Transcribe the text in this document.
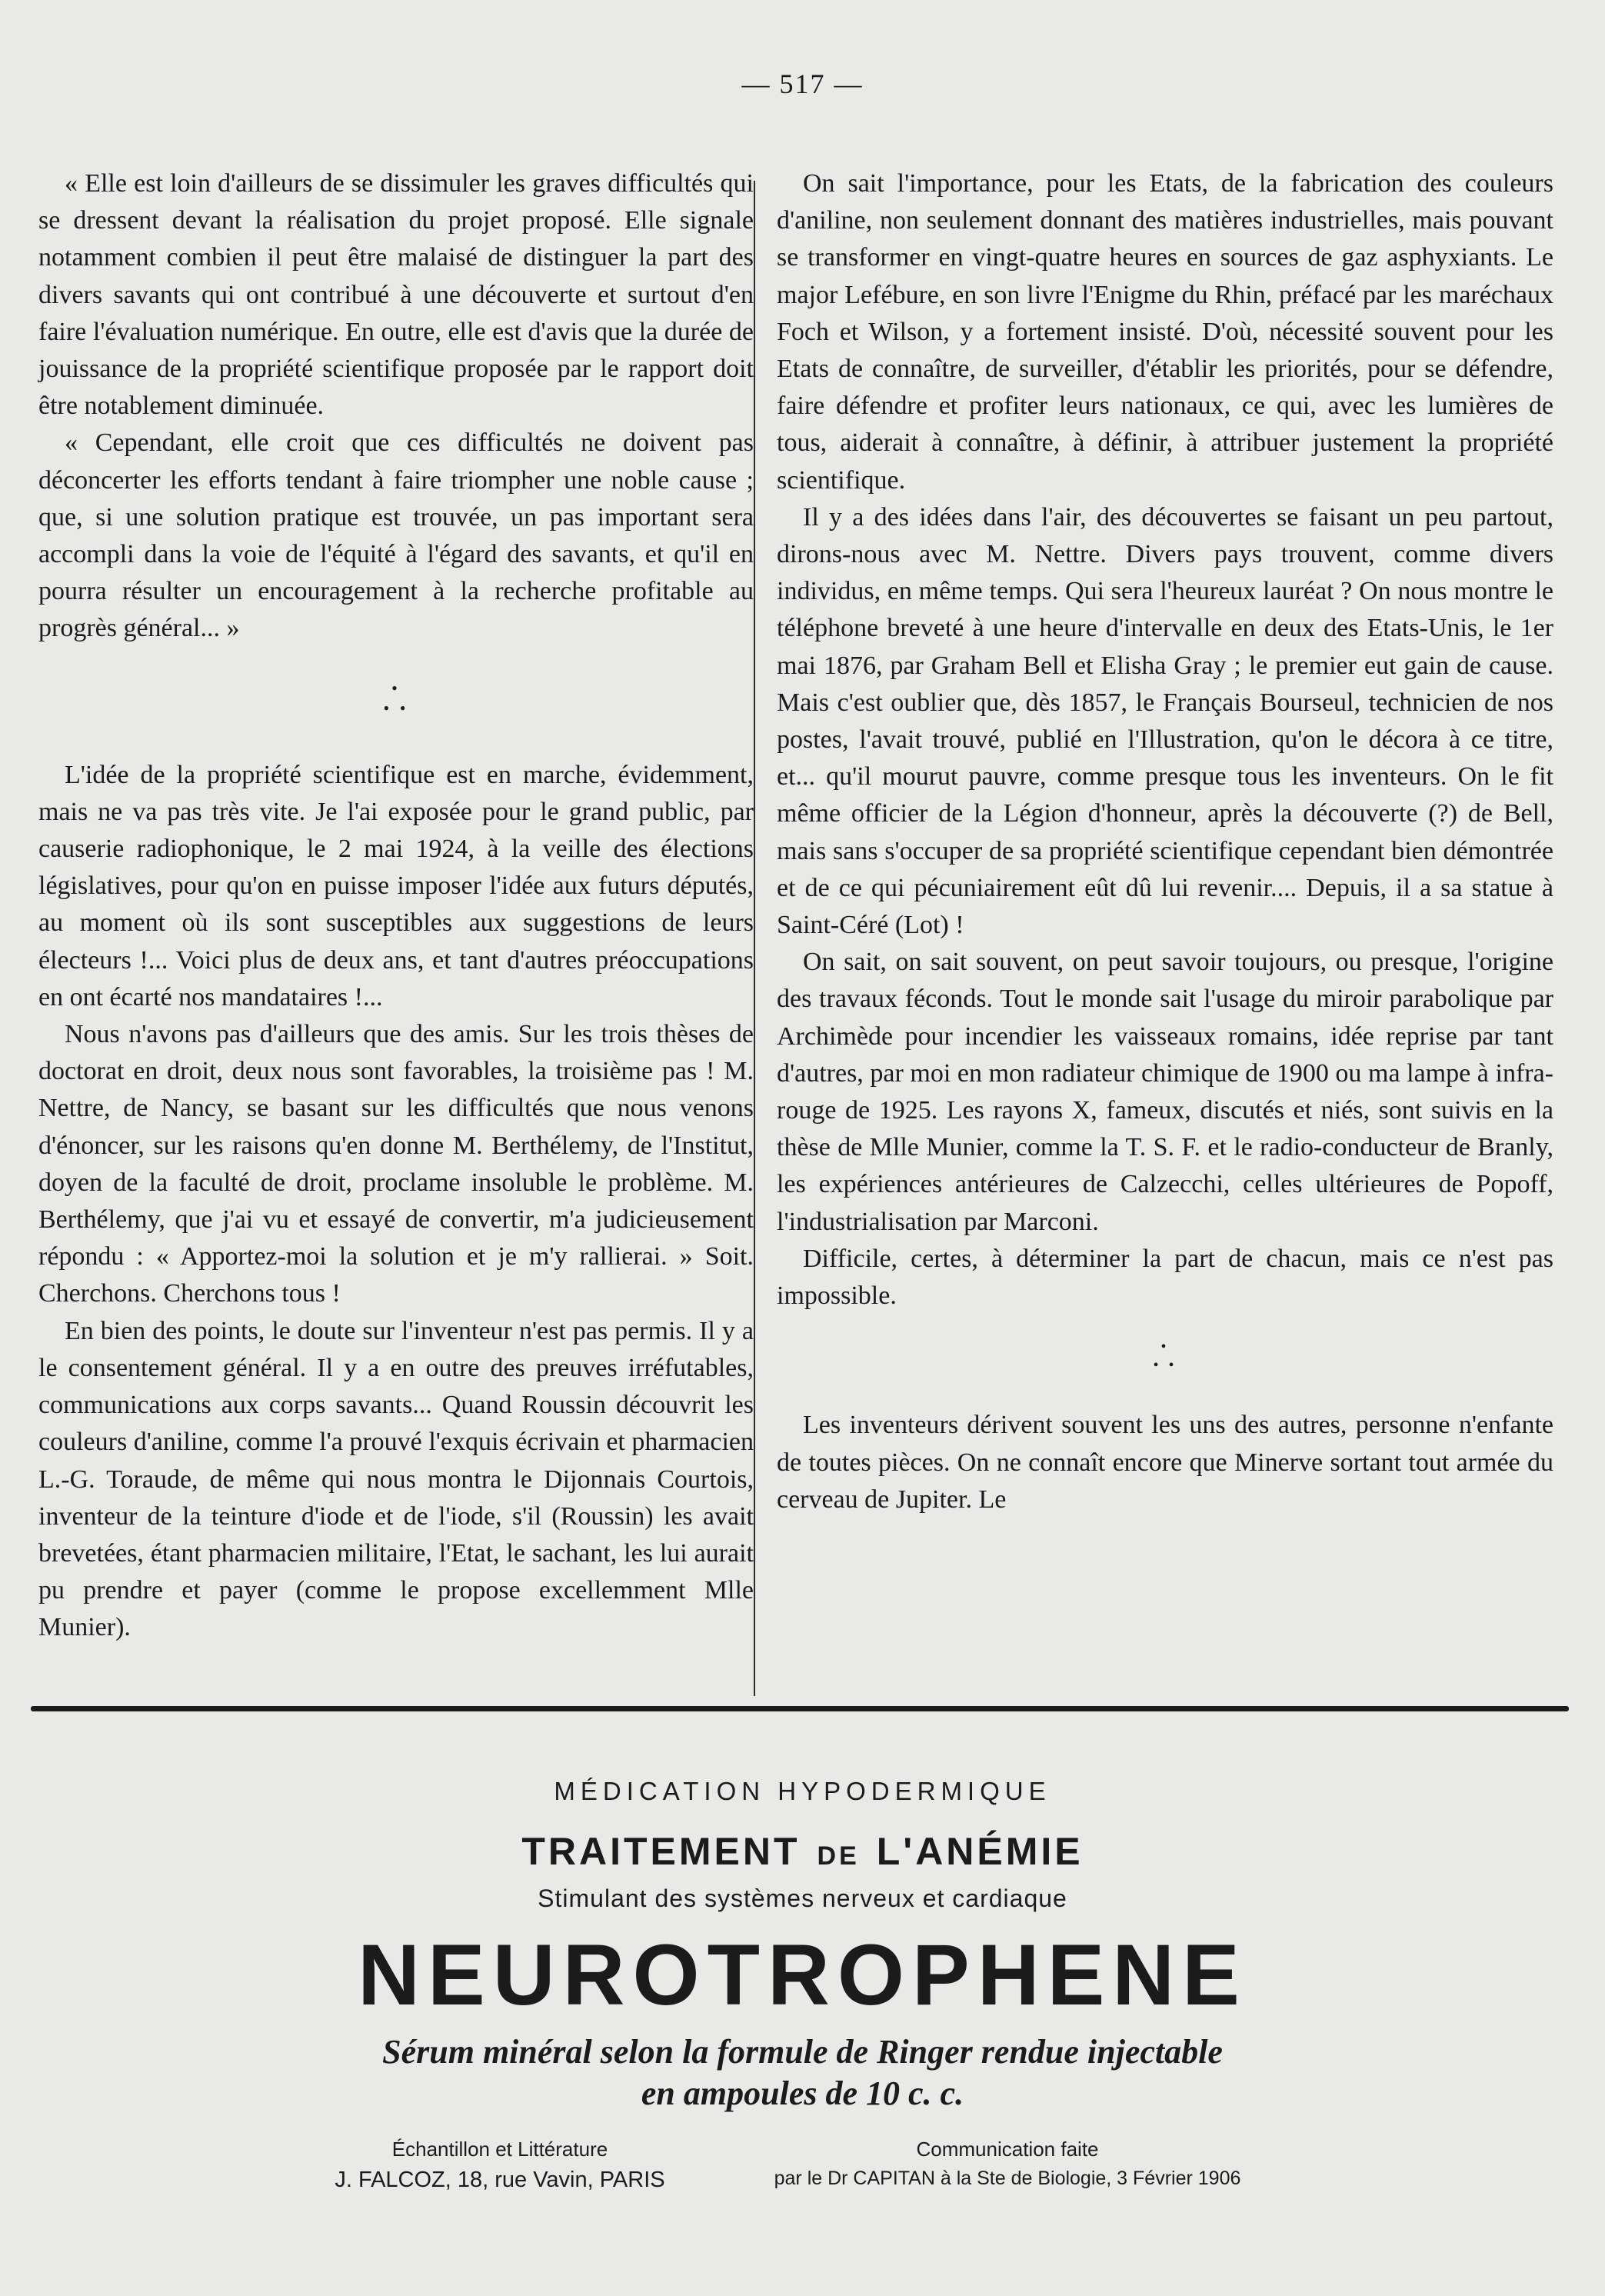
— 517 —

« Elle est loin d'ailleurs de se dissimuler les graves difficultés qui se dressent devant la réalisation du projet proposé. Elle signale notamment combien il peut être malaisé de distinguer la part des divers savants qui ont contribué à une découverte et surtout d'en faire l'évaluation numérique. En outre, elle est d'avis que la durée de jouissance de la propriété scientifique proposée par le rapport doit être notablement diminuée.

« Cependant, elle croit que ces difficultés ne doivent pas déconcerter les efforts tendant à faire triompher une noble cause ; que, si une solution pratique est trouvée, un pas important sera accompli dans la voie de l'équité à l'égard des savants, et qu'il en pourra résulter un encouragement à la recherche profitable au progrès général... »

•
• •

L'idée de la propriété scientifique est en marche, évidemment, mais ne va pas très vite. Je l'ai exposée pour le grand public, par causerie radiophonique, le 2 mai 1924, à la veille des élections législatives, pour qu'on en puisse imposer l'idée aux futurs députés, au moment où ils sont susceptibles aux suggestions de leurs électeurs !... Voici plus de deux ans, et tant d'autres préoccupations en ont écarté nos mandataires !...

Nous n'avons pas d'ailleurs que des amis. Sur les trois thèses de doctorat en droit, deux nous sont favorables, la troisième pas ! M. Nettre, de Nancy, se basant sur les difficultés que nous venons d'énoncer, sur les raisons qu'en donne M. Berthélemy, de l'Institut, doyen de la faculté de droit, proclame insoluble le problème. M. Berthélemy, que j'ai vu et essayé de convertir, m'a judicieusement répondu : « Apportez-moi la solution et je m'y rallierai. » Soit. Cherchons. Cherchons tous !

En bien des points, le doute sur l'inventeur n'est pas permis. Il y a le consentement général. Il y a en outre des preuves irréfutables, communications aux corps savants... Quand Roussin découvrit les couleurs d'aniline, comme l'a prouvé l'exquis écrivain et pharmacien L.-G. Toraude, de même qui nous montra le Dijonnais Courtois, inventeur de la teinture d'iode et de l'iode, s'il (Roussin) les avait brevetées, étant pharmacien militaire, l'Etat, le sachant, les lui aurait pu prendre et payer (comme le propose excellemment Mlle Munier).

On sait l'importance, pour les Etats, de la fabrication des couleurs d'aniline, non seulement donnant des matières industrielles, mais pouvant se transformer en vingt-quatre heures en sources de gaz asphyxiants. Le major Lefébure, en son livre l'Enigme du Rhin, préfacé par les maréchaux Foch et Wilson, y a fortement insisté. D'où, nécessité souvent pour les Etats de connaître, de surveiller, d'établir les priorités, pour se défendre, faire défendre et profiter leurs nationaux, ce qui, avec les lumières de tous, aiderait à connaître, à définir, à attribuer justement la propriété scientifique.

Il y a des idées dans l'air, des découvertes se faisant un peu partout, dirons-nous avec M. Nettre. Divers pays trouvent, comme divers individus, en même temps. Qui sera l'heureux lauréat ? On nous montre le téléphone breveté à une heure d'intervalle en deux des Etats-Unis, le 1er mai 1876, par Graham Bell et Elisha Gray ; le premier eut gain de cause. Mais c'est oublier que, dès 1857, le Français Bourseul, technicien de nos postes, l'avait trouvé, publié en l'Illustration, qu'on le décora à ce titre, et... qu'il mourut pauvre, comme presque tous les inventeurs. On le fit même officier de la Légion d'honneur, après la découverte (?) de Bell, mais sans s'occuper de sa propriété scientifique cependant bien démontrée et de ce qui pécuniairement eût dû lui revenir.... Depuis, il a sa statue à Saint-Céré (Lot) !

On sait, on sait souvent, on peut savoir toujours, ou presque, l'origine des travaux féconds. Tout le monde sait l'usage du miroir parabolique par Archimède pour incendier les vaisseaux romains, idée reprise par tant d'autres, par moi en mon radiateur chimique de 1900 ou ma lampe à infra-rouge de 1925. Les rayons X, fameux, discutés et niés, sont suivis en la thèse de Mlle Munier, comme la T. S. F. et le radio-conducteur de Branly, les expériences antérieures de Calzecchi, celles ultérieures de Popoff, l'industrialisation par Marconi.

Difficile, certes, à déterminer la part de chacun, mais ce n'est pas impossible.

•
• •

Les inventeurs dérivent souvent les uns des autres, personne n'enfante de toutes pièces. On ne connaît encore que Minerve sortant tout armée du cerveau de Jupiter. Le

MÉDICATION HYPODERMIQUE
TRAITEMENT DE L'ANÉMIE
Stimulant des systèmes nerveux et cardiaque
NEUROTROPHENE
Sérum minéral selon la formule de Ringer rendue injectable
en ampoules de 10 c. c.
Échantillon et Littérature
J. FALCOZ, 18, rue Vavin, PARIS
Communication faite
par le Dr CAPITAN à la Ste de Biologie, 3 Février 1906
